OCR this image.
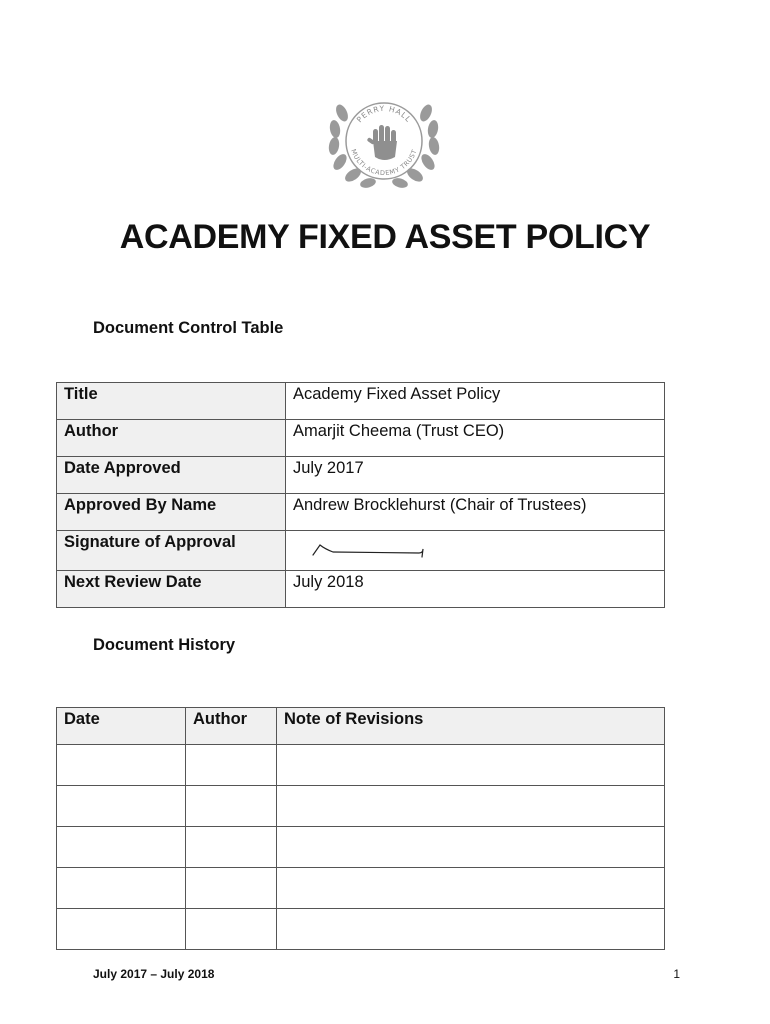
PERRY HALL
MULTI-ACADEMY TRUST
ACADEMY FIXED ASSET POLICY
Document Control Table
Title	Academy Fixed Asset Policy
Author	Amarjit Cheema (Trust CEO)
Date Approved	July 2017
Approved By Name	Andrew Brocklehurst (Chair of Trustees)
Signature of Approval	

Next Review Date	July 2018
Document History
Date	Author	Note of Revisions

July 2017 – July 2018	1
